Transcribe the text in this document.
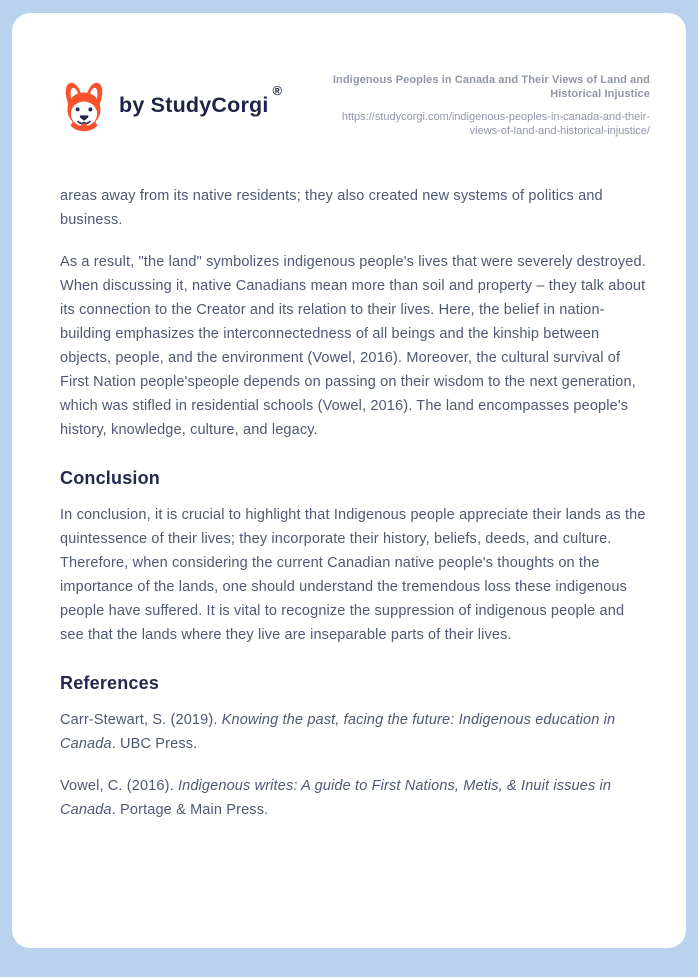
by StudyCorgi
®
Indigenous Peoples in Canada and Their Views of Land and Historical Injustice
https://studycorgi.com/indigenous-peoples-in-canada-and-their-views-of-land-and-historical-injustice/

areas away from its native residents; they also created new systems of politics and business.

As a result, "the land" symbolizes indigenous people's lives that were severely destroyed. When discussing it, native Canadians mean more than soil and property – they talk about its connection to the Creator and its relation to their lives. Here, the belief in nation-building emphasizes the interconnectedness of all beings and the kinship between objects, people, and the environment (Vowel, 2016). Moreover, the cultural survival of First Nation people'speople depends on passing on their wisdom to the next generation, which was stifled in residential schools (Vowel, 2016). The land encompasses people's history, knowledge, culture, and legacy.

Conclusion

In conclusion, it is crucial to highlight that Indigenous people appreciate their lands as the quintessence of their lives; they incorporate their history, beliefs, deeds, and culture. Therefore, when considering the current Canadian native people's thoughts on the importance of the lands, one should understand the tremendous loss these indigenous people have suffered. It is vital to recognize the suppression of indigenous people and see that the lands where they live are inseparable parts of their lives.

References

Carr-Stewart, S. (2019). Knowing the past, facing the future: Indigenous education in Canada. UBC Press.

Vowel, C. (2016). Indigenous writes: A guide to First Nations, Metis, & Inuit issues in Canada. Portage & Main Press.
